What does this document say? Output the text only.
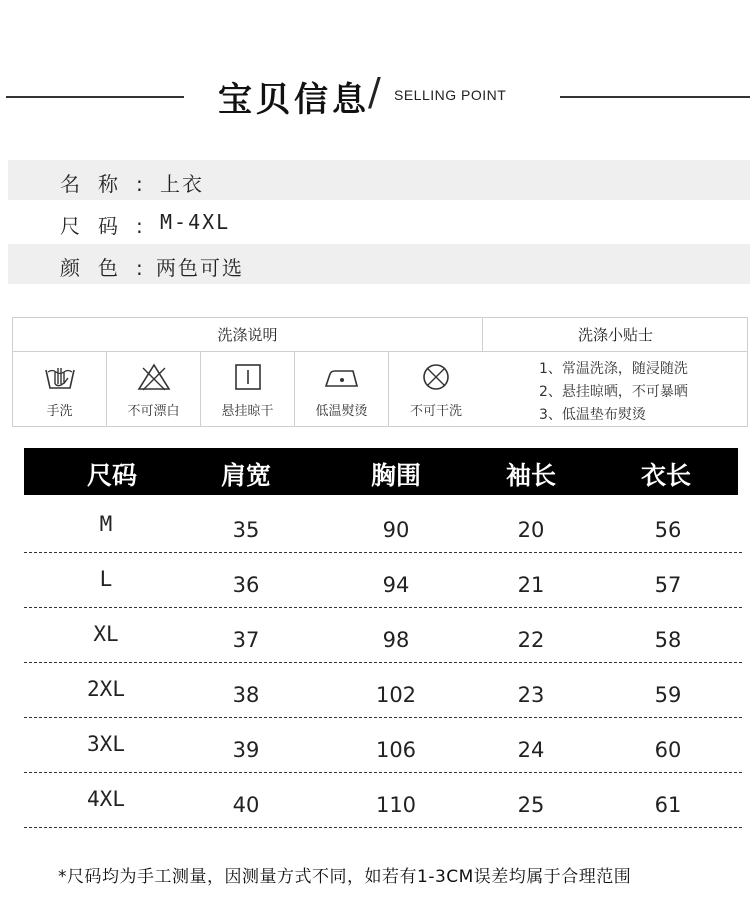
宝贝信息
/ SELLING POINT
名称: 上衣
尺码: M-4XL
颜色:
两色可选
洗涤说明	洗涤小贴士
手洗	不可漂白	悬挂晾干	低温熨烫	不可干洗
1、常温洗涤，随浸随洗
2、悬挂晾晒，不可暴晒
3、低温垫布熨烫
尺码	肩宽	胸围	袖长	衣长
M	35	90	20	56
L	36	94	21	57
XL	37	98	22	58
2XL	38	102	23	59
3XL	39	106	24	60
4XL	40	110	25	61
*尺码均为手工测量，因测量方式不同，如若有1-3CM误差均属于合理范围
